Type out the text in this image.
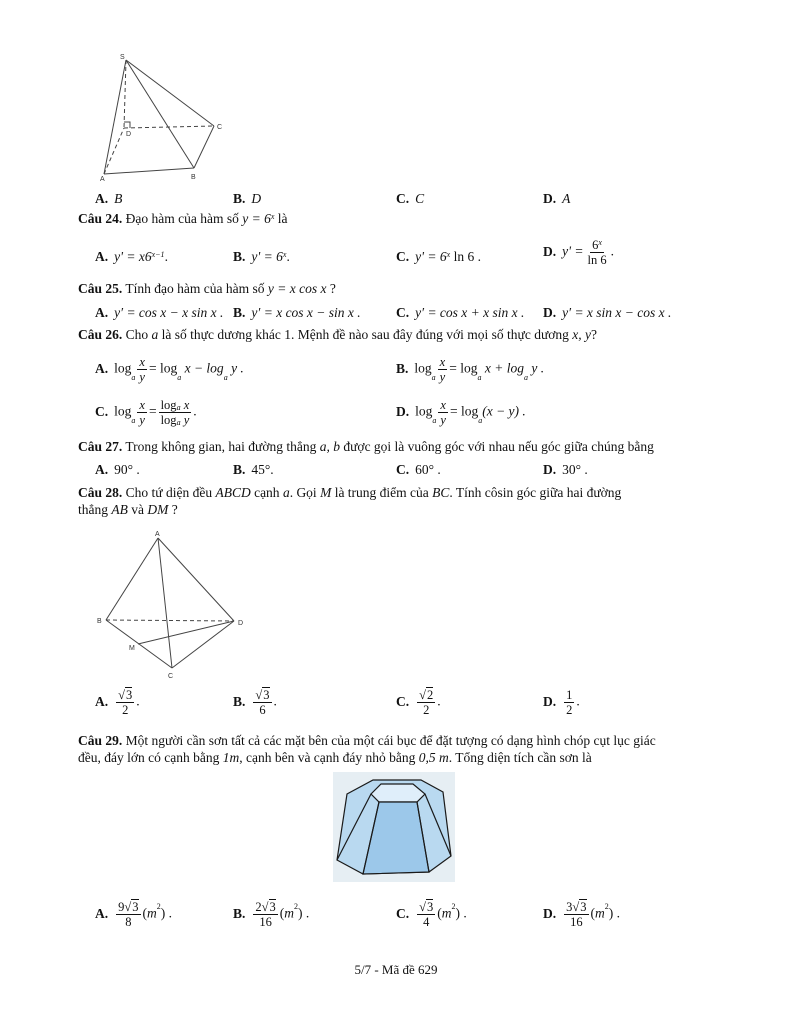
S
D
C
A	B
A. B	B. D	C. C	D. A
Câu 24. Đạo hàm của hàm số $y = 6^x$ là
A. $y' = x6^{x-1}$.	B. $y' = 6^x$.	C. $y' = 6^x$ ln 6 .	D. $y' = \frac{6^x}{\ln 6}$ .
Câu 25. Tính đạo hàm của hàm số y = x cos x ?
A. y′ = cos x − x sin x . B. y′ = x cos x − sin x .	C. y′ = cos x + x sin x . D. y′ = x sin x − cos x .
Câu 26. Cho a là số thực dương khác 1. Mệnh đề nào sau đây đúng với mọi số thực dương x, y?
A. $\log_a \frac{x}{y} = \log_a x - \log_a y$ .	B. $\log_a \frac{x}{y} = \log_a x + \log_a y$ .
C. $\log_a \frac{x}{y} = \frac{\log_a x}{\log_a y}$ .	D. $\log_a \frac{x}{y} = \log_a(x - y)$ .
Câu 27. Trong không gian, hai đường thẳng a, b được gọi là vuông góc với nhau nếu góc giữa chúng bằng
A. 90° .	B. 45°.	C. 60° .	D. 30° .
Câu 28. Cho tứ diện đều ABCD cạnh a. Gọi M là trung điểm của BC. Tính côsin góc giữa hai đường
thẳng AB và DM ?
A
B	D
M
C
A. $\frac{√3}{2}$ .	B. $\frac{√3}{6}$ .	C. $\frac{√2}{2}$ .	D. $\frac{1}{2}$ .
Câu 29. Một người cần sơn tất cả các mặt bên của một cái bục để đặt tượng có dạng hình chóp cụt lục giác
đều, đáy lớn có cạnh bằng 1m, cạnh bên và cạnh đáy nhỏ bằng 0,5 m. Tổng diện tích cần sơn là
A. $\frac{9√3}{8} (m^2)$ .	B. $\frac{2√3}{16} (m^2)$ .	C. $\frac{√3}{4} (m^2)$ .	D. $\frac{3√3}{16} (m^2)$ .
5/7 - Mã đề 629
